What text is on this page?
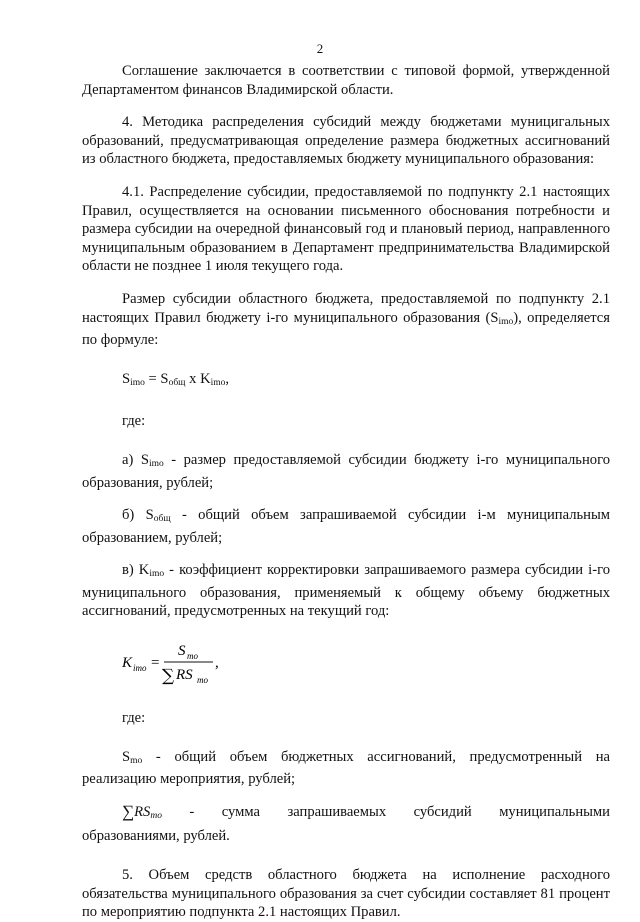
2

Соглашение заключается в соответствии с типовой формой, утвержденной Департаментом финансов Владимирской области.

4. Методика распределения субсидий между бюджетами муницигальных образований, предусматривающая определение размера бюджетных ассигнований из областного бюджета, предоставляемых бюджету муниципального образования:

4.1. Распределение субсидии, предоставляемой по подпункту 2.1 настоящих Правил, осуществляется на основании письменного обоснования потребности и размера субсидии на очередной финансовый год и плановый период, направленного муниципальным образованием в Департамент предпринимательства Владимирской области не позднее 1 июля текущего года.

Размер субсидии областного бюджета, предоставляемой по подпункту 2.1 настоящих Правил бюджету i-го муниципального образования $(S_{imo})$, определяется по формуле:

$S_{imo} = S_{общ}$ х $K_{imo}$,

где:

а) $S_{imo}$ - размер предоставляемой субсидии бюджету i-го муниципального образования, рублей;

б) $S_{общ}$ - общий объем запрашиваемой субсидии i-м муниципальным образованием, рублей;

в) $K_{imo}$ - коэффициент корректировки запрашиваемого размера субсидии i-го муниципального образования, применяемый к общему объему бюджетных ассигнований, предусмотренных на текущий год:

K imo =
S mo
∑ RS mo
,

где:

$S_{mo}$ - общий объем бюджетных ассигнований, предусмотренный на реализацию мероприятия, рублей;

$\sum RS_{mo}$ - сумма запрашиваемых субсидий муниципальными

образованиями, рублей.

5. Объем средств областного бюджета на исполнение расходного обязательства муниципального образования за счет субсидии составляет 81 процент по мероприятию подпункта 2.1 настоящих Правил.
